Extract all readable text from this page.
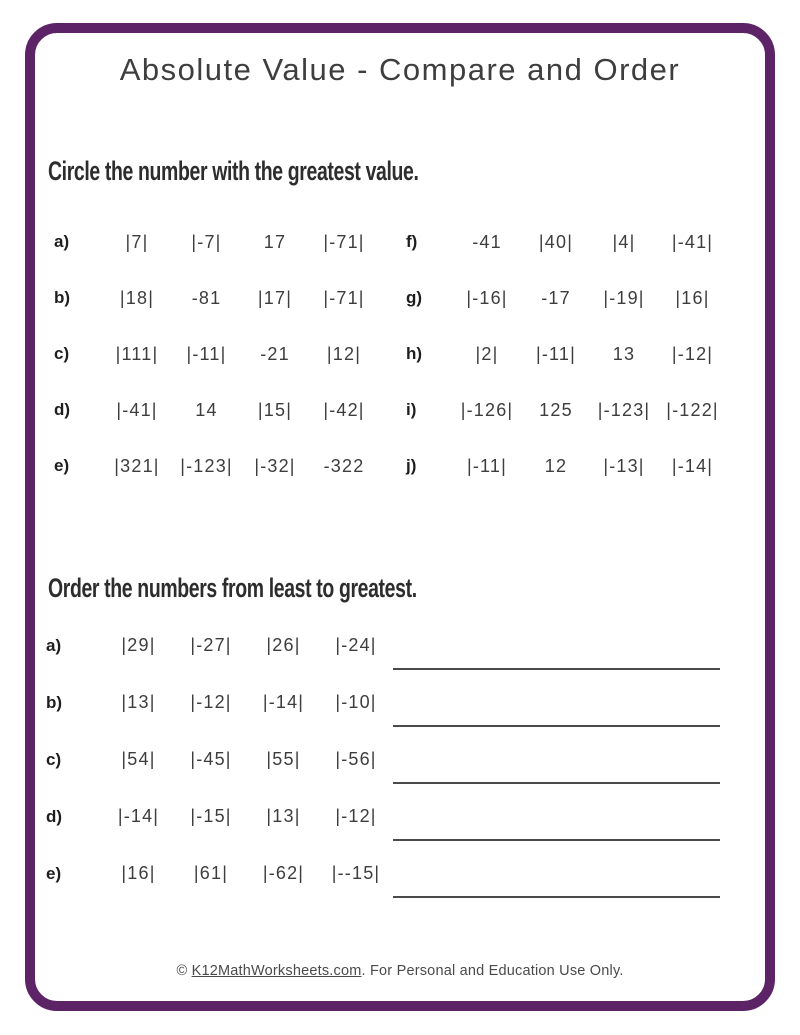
Absolute Value - Compare and Order
Circle the number with the greatest value.
a)	|7|	|-7|	17	|-71|
b)	|18|	-81	|17|	|-71|
c)	|111|	|-11|	-21	|12|
d)	|-41|	14	|15|	|-42|
e)	|321|	|-123|	|-32|	-322
f)	-41	|40|	|4|	|-41|
g)	|-16|	-17	|-19|	|16|
h)	|2|	|-11|	13	|-12|
i)	|-126|	125	|-123| |-122|
j)	|-11|	12	|-13|	|-14|
Order the numbers from least to greatest.
a)	|29|	|-27|	|26|	|-24|
b)	|13|	|-12|	|-14|	|-10|
c)	|54|	|-45|	|55|	|-56|
d)	|-14|	|-15|	|13|	|-12|
e)	|16|	|61|	|-62|	|--15|
© K12MathWorksheets.com. For Personal and Education Use Only.
